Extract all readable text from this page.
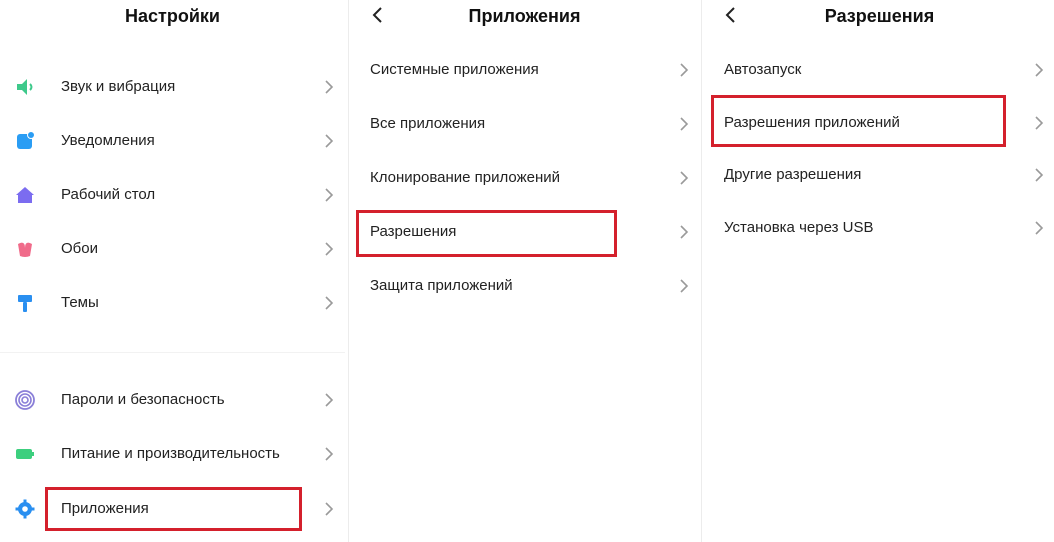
Настройки
Звук и вибрация
Уведомления
Рабочий стол
Обои
Темы
Пароли и безопасность
Питание и производительность
Приложения
Приложения
Системные приложения
Все приложения
Клонирование приложений
Разрешения
Защита приложений
Разрешения
Автозапуск
Разрешения приложений
Другие разрешения
Установка через USB
